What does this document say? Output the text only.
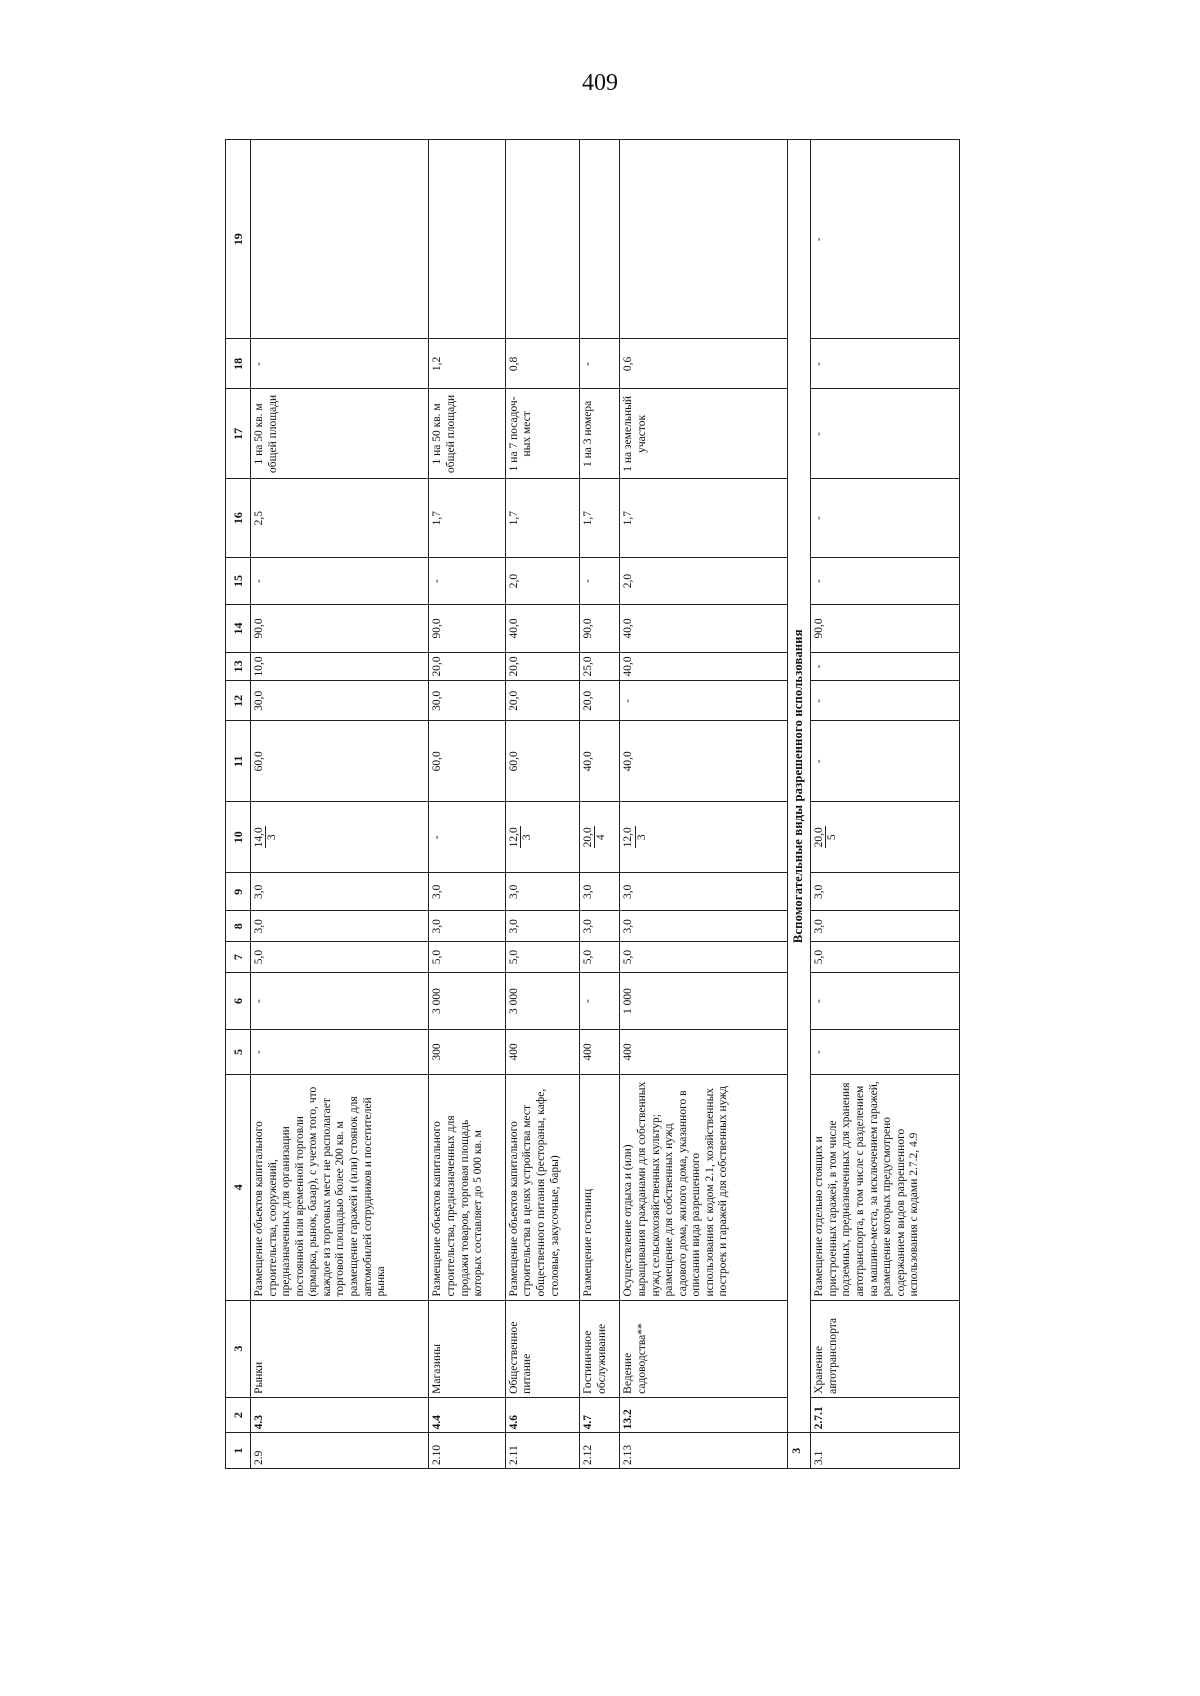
409
1	2	3	4	5	6	7	8	9	10	11	12	13	14	15	16	17	18	19
2.9	4.3	Рынки	Размещение объектов капитального строительства, сооружений, предназначенных для организации постоянной или временной торговли (ярмарка, рынок, базар), с учетом того, что каждое из торговых мест не располагает торговой площадью более 200 кв. м размещение гаражей и (или) стоянок для автомобилей сотрудников и посетителей рынка	-	-	5,0	3,0	3,0	14,0 3	60,0	30,0	10,0	90,0	-	2,5	1 на 50 кв. м общей площади	-	
2.10	4.4	Магазины	Размещение объектов капитального строительства, предназначенных для продажи товаров, торговая площадь которых составляет до 5 000 кв. м	300	3 000	5,0	3,0	3,0	-	60,0	30,0	20,0	90,0	-	1,7	1 на 50 кв. м общей площади	1,2	
2.11	4.6	Общественное питание	Размещение объектов капитального строительства в целях устройства мест общественного питания (рестораны, кафе, столовые, закусочные, бары)	400	3 000	5,0	3,0	3,0	12,0 3	60,0	20,0	20,0	40,0	2,0	1,7	1 на 7 посадоч-ных мест	0,8	
2.12	4.7	Гостиничное обслуживание	Размещение гостиниц	400	-	5,0	3,0	3,0	20,0 4	40,0	20,0	25,0	90,0	-	1,7	1 на 3 номера	-	
2.13	13.2	Ведение садоводства**	Осуществление отдыха и (или) выращивания гражданами для собственных нужд сельскохозяйственных культур; размещение для собственных нужд садового дома, жилого дома, указанного в описании вида разрешенного использования с кодом 2.1, хозяйственных построек и гаражей для собственных нужд	400	1 000	5,0	3,0	3,0	12,0 3	40,0	-	40,0	40,0	2,0	1,7	1 на земельный участок	0,6	
3	Вспомогательные виды разрешенного использования																	
3.1	2.7.1	Хранение автотранспорта	Размещение отдельно стоящих и пристроенных гаражей, в том числе подземных, предназначенных для хранения автотранспорта, в том числе с разделением на машино-места, за исключением гаражей, размещение которых предусмотрено содержанием видов разрешенного использования с кодами 2.7.2, 4.9	-	-	5,0	3,0	3,0	20,0 5	-	-	-	90,0	-	-	-	-	-
